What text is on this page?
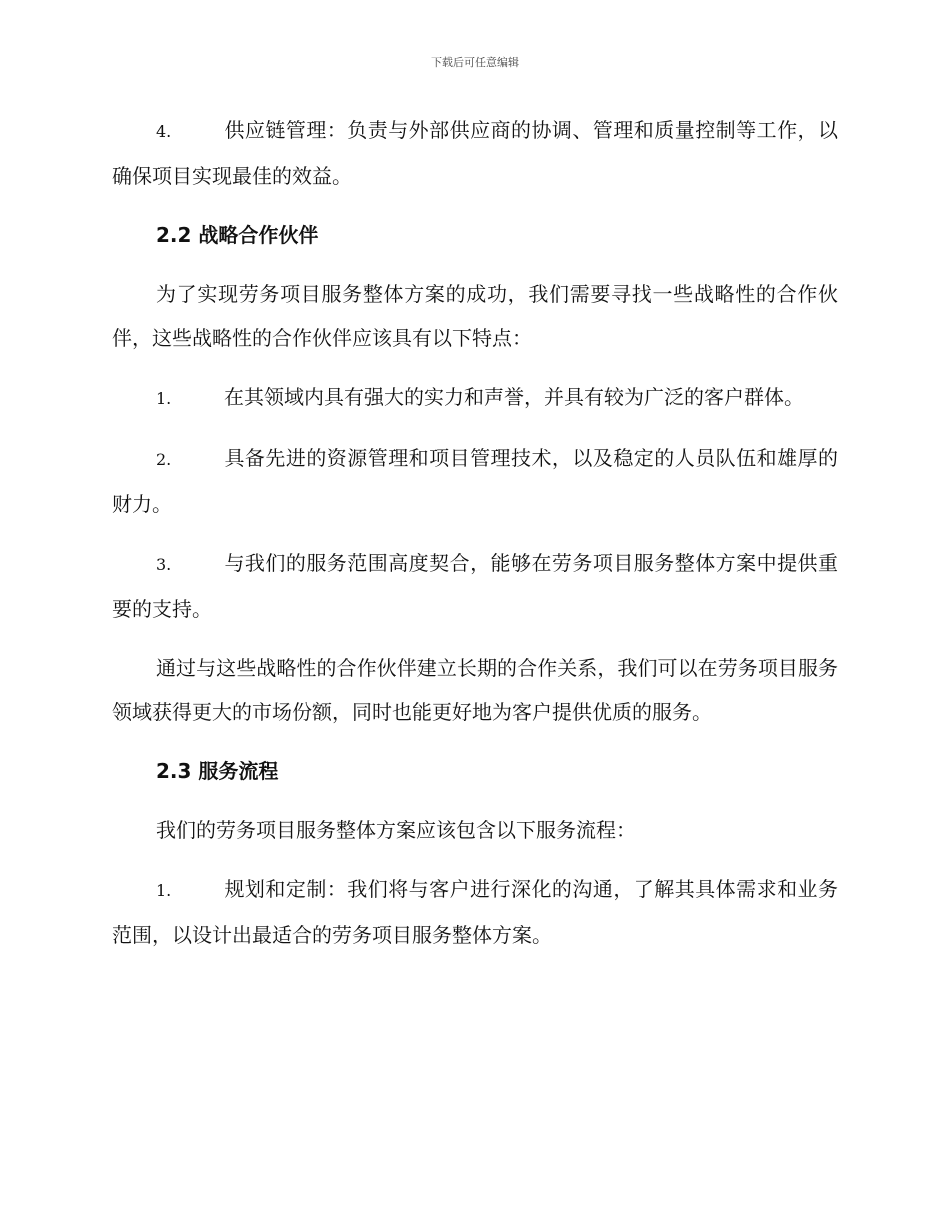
下载后可任意编辑

4.	供应链管理：负责与外部供应商的协调、管理和质量控制等工作，以确保项目实现最佳的效益。

2.2 战略合作伙伴

为了实现劳务项目服务整体方案的成功，我们需要寻找一些战略性的合作伙伴，这些战略性的合作伙伴应该具有以下特点：

1.	在其领域内具有强大的实力和声誉，并具有较为广泛的客户群体。

2.	具备先进的资源管理和项目管理技术，以及稳定的人员队伍和雄厚的财力。

3.	与我们的服务范围高度契合，能够在劳务项目服务整体方案中提供重要的支持。

通过与这些战略性的合作伙伴建立长期的合作关系，我们可以在劳务项目服务领域获得更大的市场份额，同时也能更好地为客户提供优质的服务。

2.3 服务流程

我们的劳务项目服务整体方案应该包含以下服务流程：

1.	规划和定制：我们将与客户进行深化的沟通，了解其具体需求和业务范围，以设计出最适合的劳务项目服务整体方案。
